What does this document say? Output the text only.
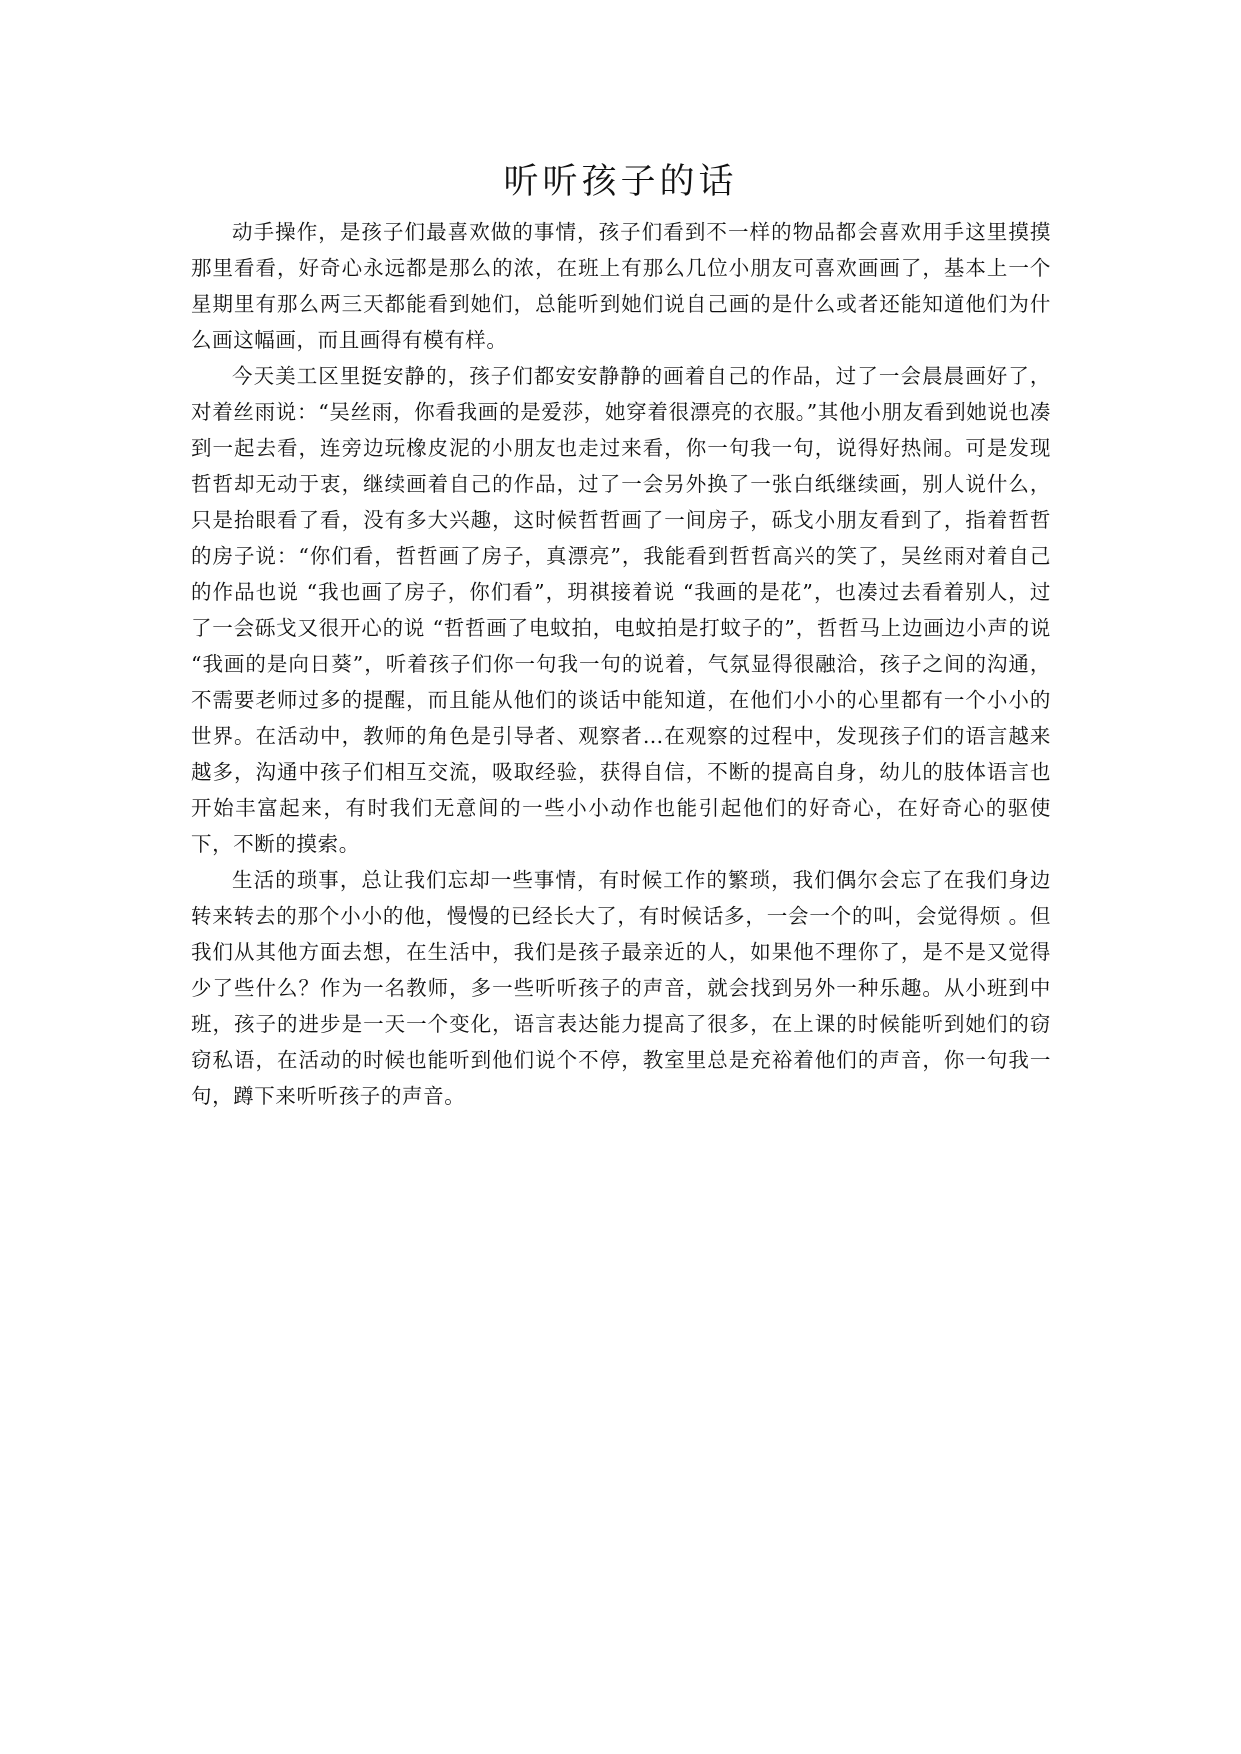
听听孩子的话

动手操作，是孩子们最喜欢做的事情，孩子们看到不一样的物品都会喜欢用手这里摸摸那里看看，好奇心永远都是那么的浓，在班上有那么几位小朋友可喜欢画画了，基本上一个星期里有那么两三天都能看到她们，总能听到她们说自己画的是什么或者还能知道他们为什么画这幅画，而且画得有模有样。

今天美工区里挺安静的，孩子们都安安静静的画着自己的作品，过了一会晨晨画好了，对着丝雨说：“吴丝雨，你看我画的是爱莎，她穿着很漂亮的衣服。”其他小朋友看到她说也凑到一起去看，连旁边玩橡皮泥的小朋友也走过来看，你一句我一句，说得好热闹。可是发现哲哲却无动于衷，继续画着自己的作品，过了一会另外换了一张白纸继续画，别人说什么，只是抬眼看了看，没有多大兴趣，这时候哲哲画了一间房子，砾戈小朋友看到了，指着哲哲的房子说：“你们看，哲哲画了房子，真漂亮”，我能看到哲哲高兴的笑了，吴丝雨对着自己的作品也说 “我也画了房子，你们看”，玥祺接着说 “我画的是花”，也凑过去看着别人，过了一会砾戈又很开心的说 “哲哲画了电蚊拍，电蚊拍是打蚊子的”，哲哲马上边画边小声的说 “我画的是向日葵”，听着孩子们你一句我一句的说着，气氛显得很融洽，孩子之间的沟通，不需要老师过多的提醒，而且能从他们的谈话中能知道，在他们小小的心里都有一个小小的世界。在活动中，教师的角色是引导者、观察者…在观察的过程中，发现孩子们的语言越来越多，沟通中孩子们相互交流，吸取经验，获得自信，不断的提高自身，幼儿的肢体语言也开始丰富起来，有时我们无意间的一些小小动作也能引起他们的好奇心，在好奇心的驱使下，不断的摸索。

生活的琐事，总让我们忘却一些事情，有时候工作的繁琐，我们偶尔会忘了在我们身边转来转去的那个小小的他，慢慢的已经长大了，有时候话多，一会一个的叫，会觉得烦 。但我们从其他方面去想，在生活中，我们是孩子最亲近的人，如果他不理你了，是不是又觉得少了些什么？作为一名教师，多一些听听孩子的声音，就会找到另外一种乐趣。从小班到中班，孩子的进步是一天一个变化，语言表达能力提高了很多，在上课的时候能听到她们的窃窃私语，在活动的时候也能听到他们说个不停，教室里总是充裕着他们的声音，你一句我一句，蹲下来听听孩子的声音。
